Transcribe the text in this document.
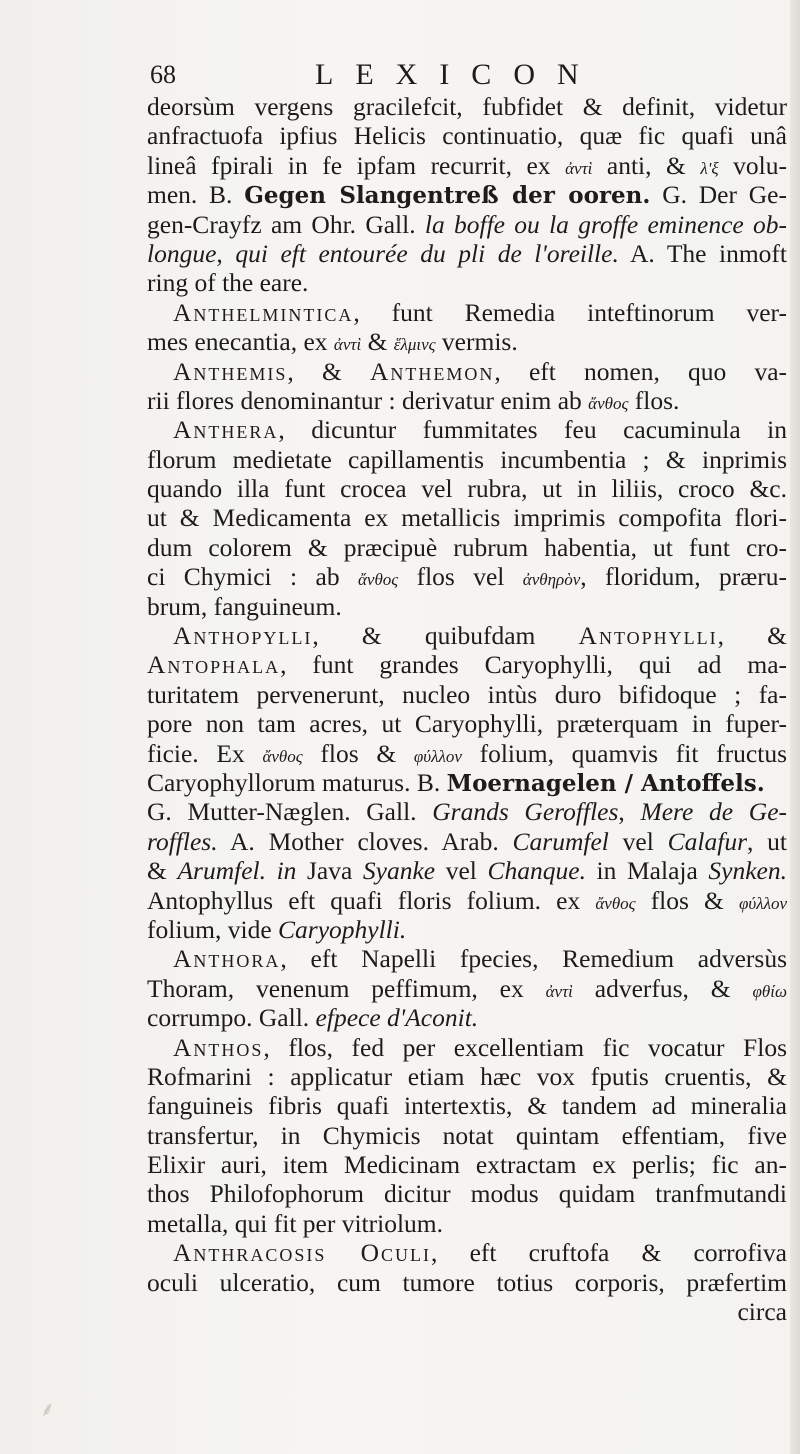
68	LEXICON
deorsùm vergens gracilefcit, fubfidet & definit, videtur
anfractuofa ipfius Helicis continuatio, quæ fic quafi unâ
lineâ fpirali in fe ipfam recurrit, ex ἀντὶ anti, & λ'ξ volu-
men. B. Gegen Slangentreß der ooren. G. Der Ge-
gen-Crayfz am Ohr. Gall. la boffe ou la groffe eminence ob-
longue, qui eft entourée du pli de l'oreille. A. The inmoft
ring of the eare.
Anthelmintica, funt Remedia inteftinorum ver-
mes enecantia, ex ἀντὶ & ἕλμινς vermis.
Anthemis, & Anthemon, eft nomen, quo va-
rii flores denominantur : derivatur enim ab ἄνθος flos.
Anthera, dicuntur fummitates feu cacuminula in
florum medietate capillamentis incumbentia ; & inprimis
quando illa funt crocea vel rubra, ut in liliis, croco &c.
ut & Medicamenta ex metallicis imprimis compofita flori-
dum colorem & præcipuè rubrum habentia, ut funt cro-
ci Chymici : ab ἄνθος flos vel ἀνθηρὸν, floridum, præru-
brum, fanguineum.
Anthopylli, & quibufdam Antophylli, &
Antophala, funt grandes Caryophylli, qui ad ma-
turitatem pervenerunt, nucleo intùs duro bifidoque ; fa-
pore non tam acres, ut Caryophylli, præterquam in fuper-
ficie. Ex ἄνθος flos & φύλλον folium, quamvis fit fructus
Caryophyllorum maturus. B. Moernagelen / Antoffels.
G. Mutter-Næglen. Gall. Grands Geroffles, Mere de Ge-
roffles. A. Mother cloves. Arab. Carumfel vel Calafur, ut
& Arumfel. in Java Syanke vel Chanque. in Malaja Synken.
Antophyllus eft quafi floris folium. ex ἄνθος flos & φύλλον
folium, vide Caryophylli.
Anthora, eft Napelli fpecies, Remedium adversùs
Thoram, venenum peffimum, ex ἀντὶ adverfus, & φθίω
corrumpo. Gall. efpece d'Aconit.
Anthos, flos, fed per excellentiam fic vocatur Flos
Rofmarini : applicatur etiam hæc vox fputis cruentis, &
fanguineis fibris quafi intertextis, & tandem ad mineralia
transfertur, in Chymicis notat quintam effentiam, five
Elixir auri, item Medicinam extractam ex perlis; fic an-
thos Philofophorum dicitur modus quidam tranfmutandi
metalla, qui fit per vitriolum.
Anthracosis Oculi, eft cruftofa & corrofiva
oculi ulceratio, cum tumore totius corporis, præfertim
circa
⸙
